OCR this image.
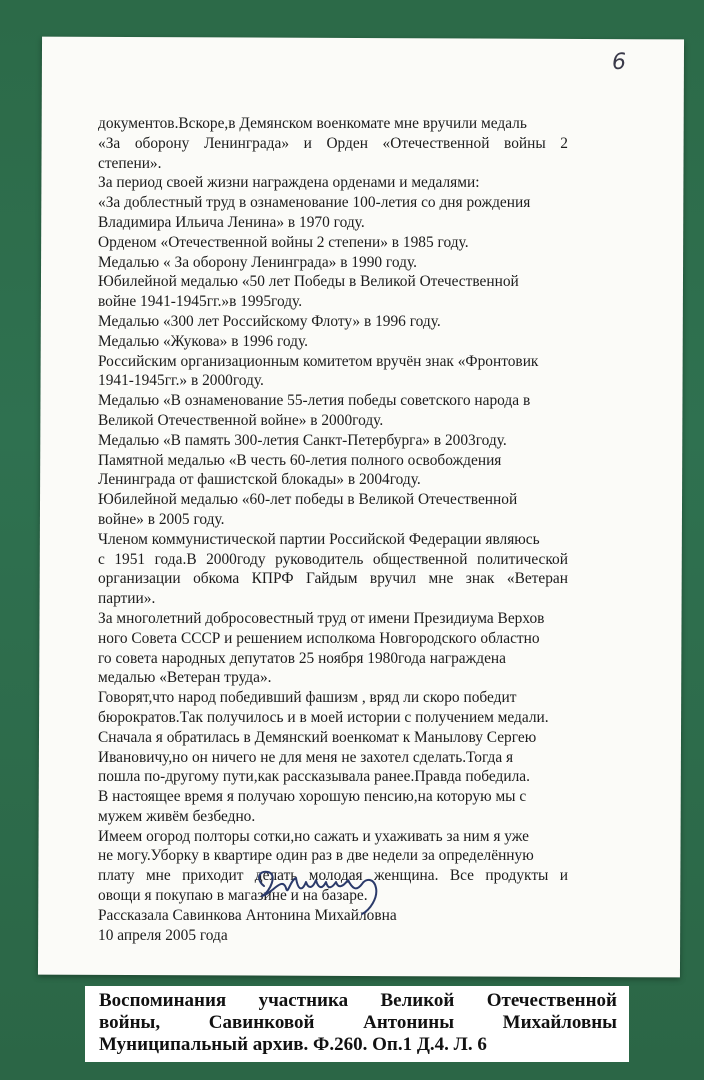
6
документов.Вскоре,в Демянском военкомате мне вручили медаль
«За оборону Ленинграда» и Орден «Отечественной войны 2
степени».
За период своей жизни награждена орденами и медалями:
«За доблестный труд в ознаменование 100-летия со дня рождения
Владимира Ильича Ленина» в 1970 году.
Орденом «Отечественной войны 2 степени» в 1985 году.
Медалью « За оборону Ленинграда» в 1990 году.
Юбилейной медалью «50 лет Победы в Великой Отечественной
войне 1941-1945гг.»в 1995году.
Медалью «300 лет Российскому Флоту» в 1996 году.
Медалью «Жукова» в 1996 году.
Российским организационным комитетом вручён знак «Фронтовик
1941-1945гг.» в 2000году.
Медалью «В ознаменование 55-летия победы советского народа в
Великой Отечественной войне» в 2000году.
Медалью «В память 300-летия Санкт-Петербурга» в 2003году.
Памятной медалью «В честь 60-летия полного освобождения
Ленинграда от фашистской блокады» в 2004году.
Юбилейной медалью «60-лет победы в Великой Отечественной
войне» в 2005 году.
Членом коммунистической партии Российской Федерации являюсь
с 1951 года.В 2000году руководитель общественной политической
организации обкома КПРФ Гайдым вручил мне знак «Ветеран
партии».
За многолетний добросовестный труд от имени Президиума Верхов
ного Совета СССР и решением исполкома Новгородского областно
го совета народных депутатов 25 ноября 1980года награждена
медалью «Ветеран труда».
Говорят,что народ победивший фашизм , вряд ли скоро победит
бюрократов.Так получилось и в моей истории с получением медали.
Сначала я обратилась в Демянский военкомат к Манылову Сергею
Ивановичу,но он ничего не для меня не захотел сделать.Тогда я
пошла по-другому пути,как рассказывала ранее.Правда победила.
В настоящее время я получаю хорошую пенсию,на которую мы с
мужем живём безбедно.
Имеем огород полторы сотки,но сажать и ухаживать за ним я уже
не могу.Уборку в квартире один раз в две недели за определённую
плату мне приходит делать молодая женщина. Все продукты и
овощи я покупаю в магазине и на базаре.
Рассказала Савинкова Антонина Михайловна
10 апреля 2005 года
Воспоминания участника Великой Отечественной
войны, Савинковой Антонины Михайловны
Муниципальный архив. Ф.260. Оп.1 Д.4. Л. 6
